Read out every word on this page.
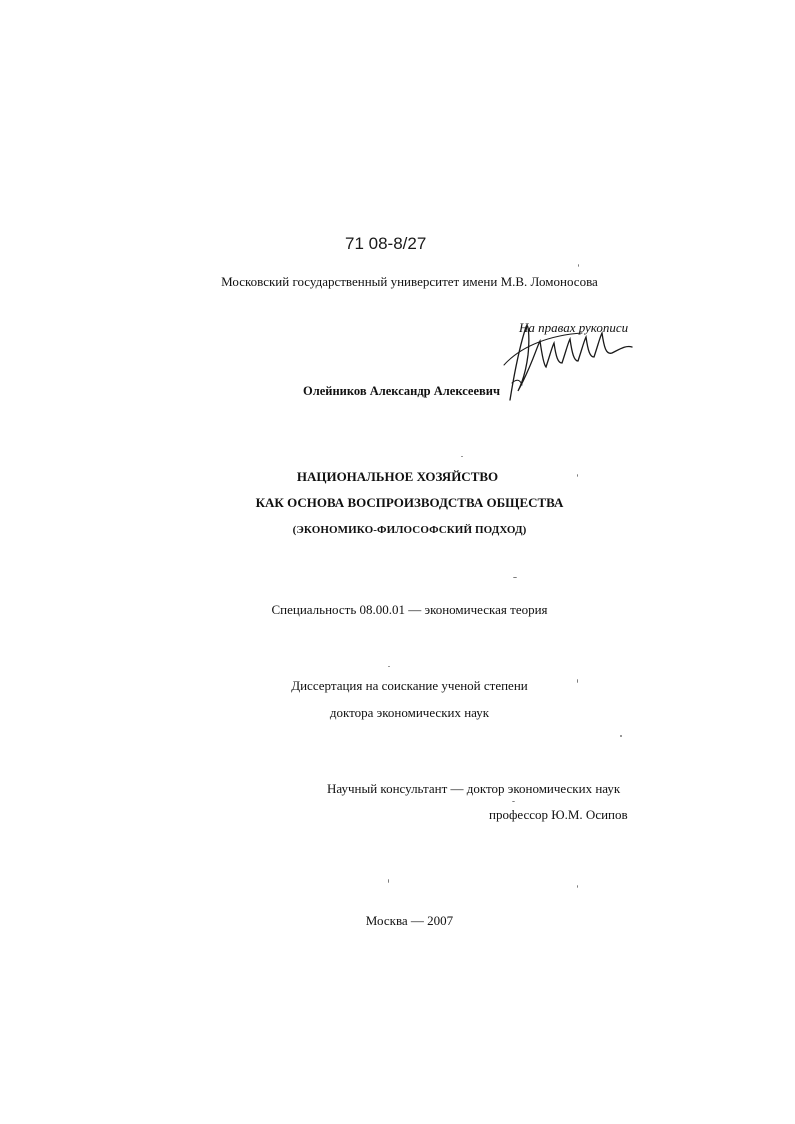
71 08-8/27
Московский государственный университет имени М.В. Ломоносова
На правах рукописи
Олейников Александр Алексеевич
НАЦИОНАЛЬНОЕ ХОЗЯЙСТВО
КАК ОСНОВА ВОСПРОИЗВОДСТВА ОБЩЕСТВА
(ЭКОНОМИКО-ФИЛОСОФСКИЙ ПОДХОД)
Специальность 08.00.01 — экономическая теория
Диссертация на соискание ученой степени
доктора экономических наук
Научный консультант — доктор экономических наук
профессор Ю.М. Осипов
Москва — 2007
